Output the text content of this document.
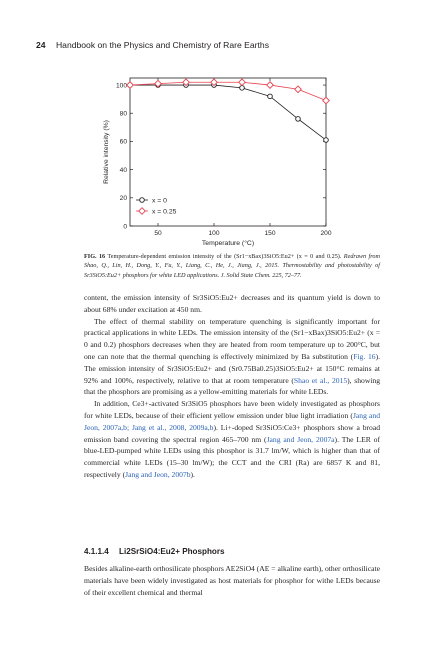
24 Handbook on the Physics and Chemistry of Rare Earths
50	100	150	200
0
20
40
60
80
100
Temperature (°C)
Relative intensity (%)
x = 0
x = 0.25
FIG. 16 Temperature-dependent emission intensity of the (Sr1−xBax)3SiO5:Eu2+ (x = 0 and 0.25). Redrawn from Shao, Q., Lin, H., Dong, Y., Fu, Y., Liang, C., He, J., Jiang, J., 2015. Thermostability and photostability of Sr3SiO5:Eu2+ phosphors for white LED applications. J. Solid State Chem. 225, 72–77.

content, the emission intensity of Sr3SiO5:Eu2+ decreases and its quantum yield is down to about 68% under excitation at 450 nm.

The effect of thermal stability on temperature quenching is significantly important for practical applications in white LEDs. The emission intensity of the (Sr1−xBax)3SiO5:Eu2+ (x = 0 and 0.2) phosphors decreases when they are heated from room temperature up to 200°C, but one can note that the thermal quenching is effectively minimized by Ba substitution (Fig. 16). The emission intensity of Sr3SiO5:Eu2+ and (Sr0.75Ba0.25)3SiO5:Eu2+ at 150°C remains at 92% and 100%, respectively, relative to that at room temperature (Shao et al., 2015), showing that the phosphors are promising as a yellow-emitting materials for white LEDs.

In addition, Ce3+-activated Sr3SiO5 phosphors have been widely investigated as phosphors for white LEDs, because of their efficient yellow emission under blue light irradiation (Jang and Jeon, 2007a,b; Jang et al., 2008, 2009a,b). Li+-doped Sr3SiO5:Ce3+ phosphors show a broad emission band covering the spectral region 465–700 nm (Jang and Jeon, 2007a). The LER of blue-LED-pumped white LEDs using this phosphor is 31.7 lm/W, which is higher than that of commercial white LEDs (15–30 lm/W); the CCT and the CRI (Ra) are 6857 K and 81, respectively (Jang and Jeon, 2007b).

4.1.1.4 Li2SrSiO4:Eu2+ Phosphors

Besides alkaline-earth orthosilicate phosphors AE2SiO4 (AE = alkaline earth), other orthosilicate materials have been widely investigated as host materials for phosphor for withe LEDs because of their excellent chemical and thermal
